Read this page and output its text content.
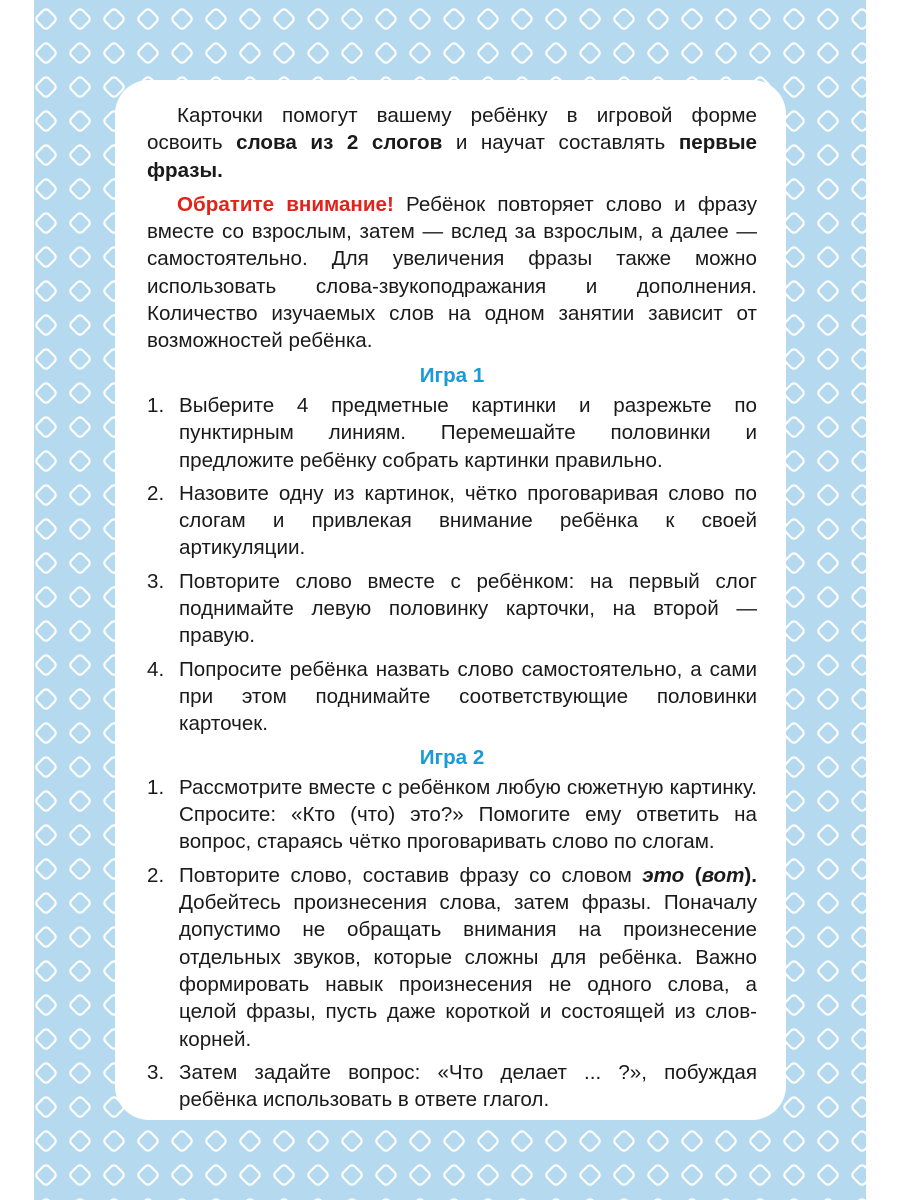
Карточки помогут вашему ребёнку в игровой форме освоить слова из 2 слогов и научат составлять первые фразы.

Обратите внимание! Ребёнок повторяет слово и фразу вместе со взрослым, затем — вслед за взрослым, а далее — самостоятельно. Для увеличения фразы также можно использовать слова-звукоподражания и дополнения. Количество изучаемых слов на одном занятии зависит от возможностей ребёнка.

Игра 1
1. Выберите 4 предметные картинки и разрежьте по пунктирным линиям. Перемешайте половинки и предложите ребёнку собрать картинки правильно.
2. Назовите одну из картинок, чётко проговаривая слово по слогам и привлекая внимание ребёнка к своей артикуляции.
3. Повторите слово вместе с ребёнком: на первый слог поднимайте левую половинку карточки, на второй — правую.
4. Попросите ребёнка назвать слово самостоятельно, а сами при этом поднимайте соответствующие половинки карточек.
Игра 2
1. Рассмотрите вместе с ребёнком любую сюжетную картинку. Спросите: «Кто (что) это?» Помогите ему ответить на вопрос, стараясь чётко проговаривать слово по слогам.
2. Повторите слово, составив фразу со словом это (вот). Добейтесь произнесения слова, затем фразы. Поначалу допустимо не обращать внимания на произнесение отдельных звуков, которые сложны для ребёнка. Важно формировать навык произнесения не одного слова, а целой фразы, пусть даже короткой и состоящей из слов-корней.
3. Затем задайте вопрос: «Что делает ... ?», побуждая ребёнка использовать в ответе глагол.
